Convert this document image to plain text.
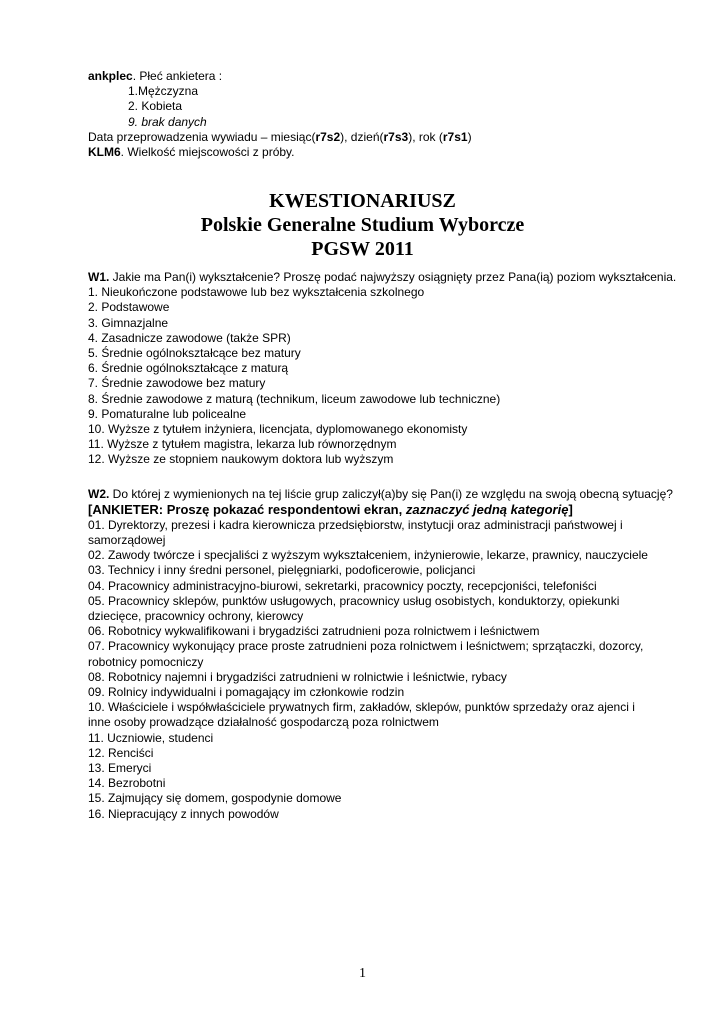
ankplec. Płeć ankietera :
1.Mężczyzna
2. Kobieta
9. brak danych
Data przeprowadzenia wywiadu – miesiąc(r7s2), dzień(r7s3), rok (r7s1)
KLM6. Wielkość miejscowości z próby.
KWESTIONARIUSZ
Polskie Generalne Studium Wyborcze
PGSW 2011
W1. Jakie ma Pan(i) wykształcenie? Proszę podać najwyższy osiągnięty przez Pana(ią) poziom wykształcenia.
1. Nieukończone podstawowe lub bez wykształcenia szkolnego
2. Podstawowe
3. Gimnazjalne
4. Zasadnicze zawodowe (także SPR)
5. Średnie ogólnokształcące bez matury
6. Średnie ogólnokształcące z maturą
7. Średnie zawodowe bez matury
8. Średnie zawodowe z maturą (technikum, liceum zawodowe lub techniczne)
9. Pomaturalne lub policealne
10. Wyższe z tytułem inżyniera, licencjata, dyplomowanego ekonomisty
11. Wyższe z tytułem magistra, lekarza lub równorzędnym
12. Wyższe ze stopniem naukowym doktora lub wyższym
W2. Do której z wymienionych na tej liście grup zaliczył(a)by się Pan(i) ze względu na swoją obecną sytuację?
[ANKIETER: Proszę pokazać respondentowi ekran, zaznaczyć jedną kategorię]
01. Dyrektorzy, prezesi i kadra kierownicza przedsiębiorstw, instytucji oraz administracji państwowej i samorządowej
02. Zawody twórcze i specjaliści z wyższym wykształceniem, inżynierowie, lekarze, prawnicy, nauczyciele
03. Technicy i inny średni personel, pielęgniarki, podoficerowie, policjanci
04. Pracownicy administracyjno-biurowi, sekretarki, pracownicy poczty, recepcjoniści, telefoniści
05. Pracownicy sklepów, punktów usługowych, pracownicy usług osobistych, konduktorzy, opiekunki dziecięce, pracownicy ochrony, kierowcy
06. Robotnicy wykwalifikowani i brygadziści zatrudnieni poza rolnictwem i leśnictwem
07. Pracownicy wykonujący prace proste zatrudnieni poza rolnictwem i leśnictwem; sprzątaczki, dozorcy, robotnicy pomocniczy
08. Robotnicy najemni i brygadziści zatrudnieni w rolnictwie i leśnictwie, rybacy
09. Rolnicy indywidualni i pomagający im członkowie rodzin
10. Właściciele i współwłaściciele prywatnych firm, zakładów, sklepów, punktów sprzedaży oraz ajenci i inne osoby prowadzące działalność gospodarczą poza rolnictwem
11. Uczniowie, studenci
12. Renciści
13. Emeryci
14. Bezrobotni
15. Zajmujący się domem, gospodynie domowe
16. Niepracujący z innych powodów
1
